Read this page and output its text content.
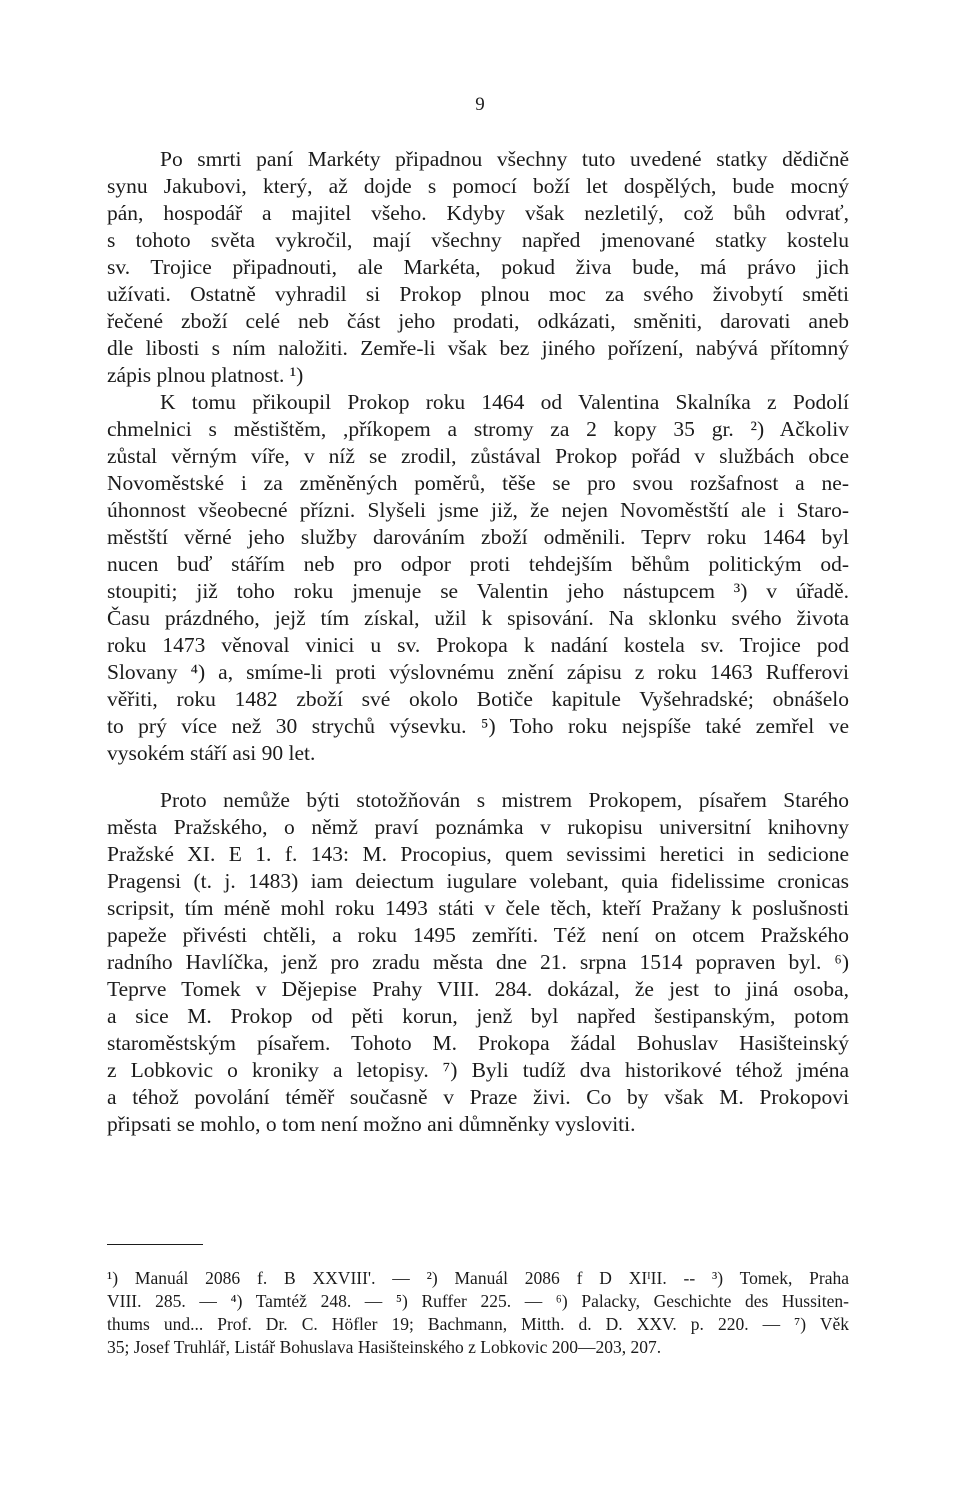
9
Po smrti paní Markéty připadnou všechny tuto uvedené statky dědičně
synu Jakubovi, který, až dojde s pomocí boží let dospělých, bude mocný
pán, hospodář a majitel všeho. Kdyby však nezletilý, což bůh odvrať,
s tohoto světa vykročil, mají všechny napřed jmenované statky kostelu
sv. Trojice připadnouti, ale Markéta, pokud živa bude, má právo jich
užívati. Ostatně vyhradil si Prokop plnou moc za svého živobytí směti
řečené zboží celé neb část jeho prodati, odkázati, směniti, darovati aneb
dle libosti s ním naložiti. Zemře-li však bez jiného pořízení, nabývá přítomný
zápis plnou platnost. ¹)
K tomu přikoupil Prokop roku 1464 od Valentina Skalníka z Podolí
chmelnici s městištěm, ,příkopem a stromy za 2 kopy 35 gr. ²) Ačkoliv
zůstal věrným víře, v níž se zrodil, zůstával Prokop pořád v službách obce
Novoměstské i za změněných poměrů, těše se pro svou rozšafnost a ne-
úhonnost všeobecné přízni. Slyšeli jsme již, že nejen Novoměstští ale i Staro-
městští věrné jeho služby darováním zboží odměnili. Teprv roku 1464 byl
nucen buď stářím neb pro odpor proti tehdejším běhům politickým od-
stoupiti; již toho roku jmenuje se Valentin jeho nástupcem ³) v úřadě.
Času prázdného, jejž tím získal, užil k spisování. Na sklonku svého života
roku 1473 věnoval vinici u sv. Prokopa k nadání kostela sv. Trojice pod
Slovany ⁴) a, smíme-li proti výslovnému znění zápisu z roku 1463 Rufferovi
věřiti, roku 1482 zboží své okolo Botiče kapitule Vyšehradské; obnášelo
to prý více než 30 strychů výsevku. ⁵) Toho roku nejspíše také zemřel ve
vysokém stáří asi 90 let.
Proto nemůže býti stotožňován s mistrem Prokopem, písařem Starého
města Pražského, o němž praví poznámka v rukopisu universitní knihovny
Pražské XI. E 1. f. 143: M. Procopius, quem sevissimi heretici in sedicione
Pragensi (t. j. 1483) iam deiectum iugulare volebant, quia fidelissime cronicas
scripsit, tím méně mohl roku 1493 státi v čele těch, kteří Pražany k poslušnosti
papeže přivésti chtěli, a roku 1495 zemříti. Též není on otcem Pražského
radního Havlíčka, jenž pro zradu města dne 21. srpna 1514 popraven byl. ⁶)
Teprve Tomek v Dějepise Prahy VIII. 284. dokázal, že jest to jiná osoba,
a sice M. Prokop od pěti korun, jenž byl napřed šestipanským, potom
staroměstským písařem. Tohoto M. Prokopa žádal Bohuslav Hasišteinský
z Lobkovic o kroniky a letopisy. ⁷) Byli tudíž dva historikové téhož jména
a téhož povolání téměř současně v Praze živi. Co by však M. Prokopovi
připsati se mohlo, o tom není možno ani důmněnky vysloviti.
¹) Manuál 2086 f. B XXVIII'. — ²) Manuál 2086 f D XIᴵII. -- ³) Tomek, Praha
VIII. 285. — ⁴) Tamtéž 248. — ⁵) Ruffer 225. — ⁶) Palacky, Geschichte des Hussiten-
thums und... Prof. Dr. C. Höfler 19; Bachmann, Mitth. d. D. XXV. p. 220. — ⁷) Věk
35; Josef Truhlář, Listář Bohuslava Hasišteinského z Lobkovic 200—203, 207.
